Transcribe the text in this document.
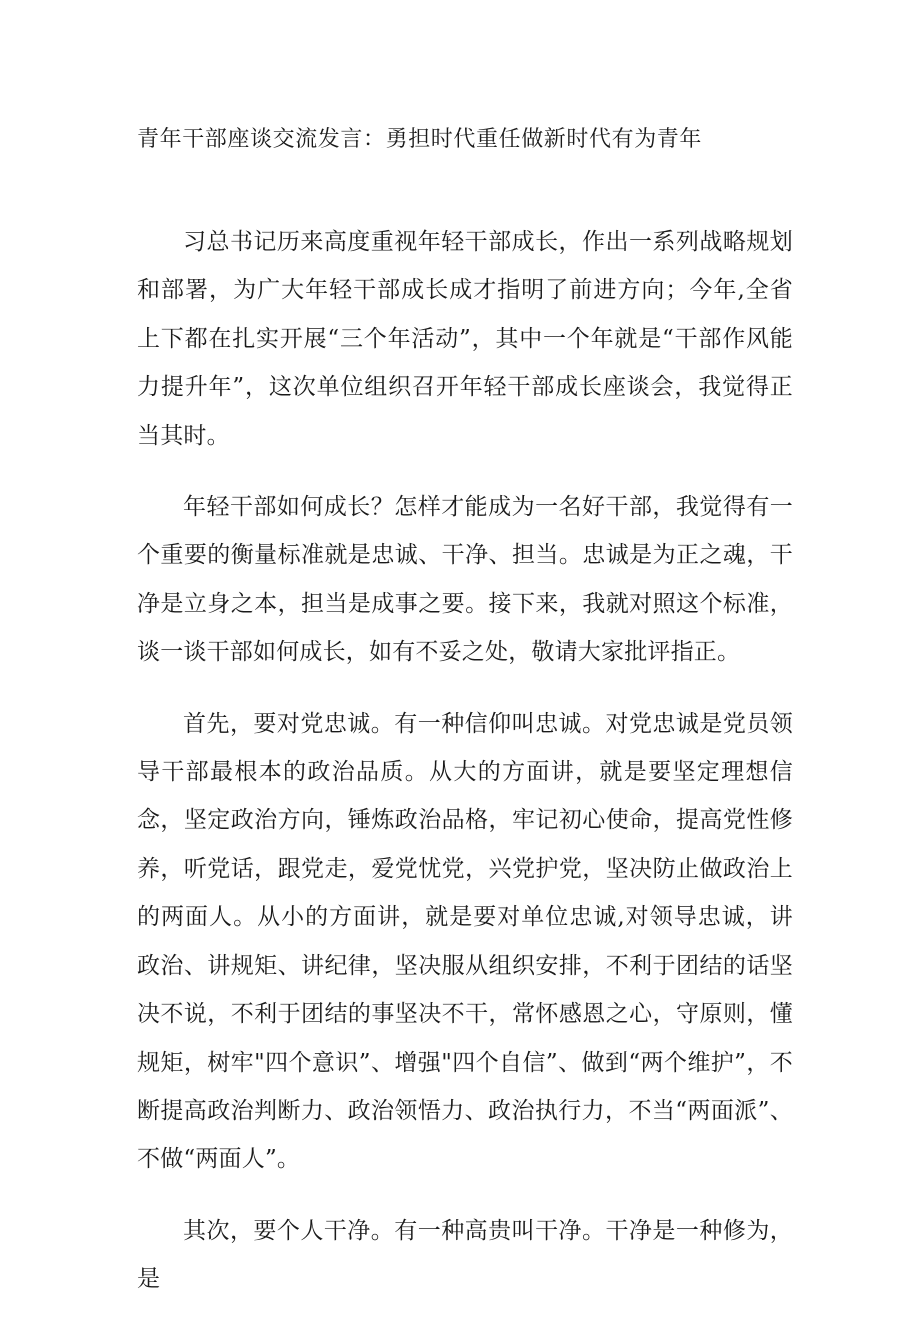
青年干部座谈交流发言：勇担时代重任做新时代有为青年

习总书记历来高度重视年轻干部成长，作出一系列战略规划和部署，为广大年轻干部成长成才指明了前进方向；今年,全省上下都在扎实开展“三个年活动”，其中一个年就是“干部作风能力提升年”，这次单位组织召开年轻干部成长座谈会，我觉得正当其时。

年轻干部如何成长？怎样才能成为一名好干部，我觉得有一个重要的衡量标准就是忠诚、干净、担当。忠诚是为正之魂，干净是立身之本，担当是成事之要。接下来，我就对照这个标准，谈一谈干部如何成长，如有不妥之处，敬请大家批评指正。

首先，要对党忠诚。有一种信仰叫忠诚。对党忠诚是党员领导干部最根本的政治品质。从大的方面讲，就是要坚定理想信念，坚定政治方向，锤炼政治品格，牢记初心使命，提高党性修养，听党话，跟党走，爱党忧党，兴党护党，坚决防止做政治上的两面人。从小的方面讲，就是要对单位忠诚,对领导忠诚，讲政治、讲规矩、讲纪律，坚决服从组织安排，不利于团结的话坚决不说，不利于团结的事坚决不干，常怀感恩之心，守原则，懂规矩，树牢"四个意识”、增强"四个自信”、做到“两个维护”，不断提高政治判断力、政治领悟力、政治执行力，不当“两面派”、不做“两面人”。

其次，要个人干净。有一种高贵叫干净。干净是一种修为，是
